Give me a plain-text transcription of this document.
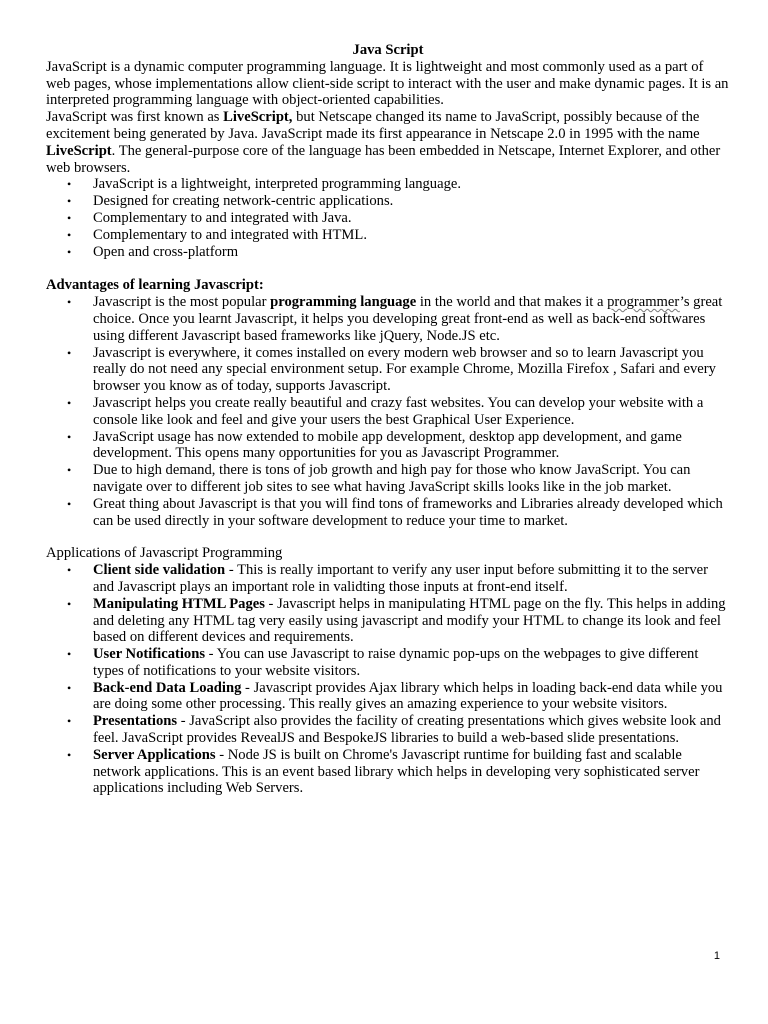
Java Script

JavaScript is a dynamic computer programming language. It is lightweight and most commonly used as a part of web pages, whose implementations allow client-side script to interact with the user and make dynamic pages. It is an interpreted programming language with object-oriented capabilities.

JavaScript was first known as LiveScript, but Netscape changed its name to JavaScript, possibly because of the excitement being generated by Java. JavaScript made its first appearance in Netscape 2.0 in 1995 with the name LiveScript. The general-purpose core of the language has been embedded in Netscape, Internet Explorer, and other web browsers.

• JavaScript is a lightweight, interpreted programming language.
• Designed for creating network-centric applications.
• Complementary to and integrated with Java.
• Complementary to and integrated with HTML.
• Open and cross-platform

Advantages of learning Javascript:

• Javascript is the most popular programming language in the world and that makes it a programmer’s great choice. Once you learnt Javascript, it helps you developing great front-end as well as back-end softwares using different Javascript based frameworks like jQuery, Node.JS etc.
• Javascript is everywhere, it comes installed on every modern web browser and so to learn Javascript you really do not need any special environment setup. For example Chrome, Mozilla Firefox , Safari and every browser you know as of today, supports Javascript.
• Javascript helps you create really beautiful and crazy fast websites. You can develop your website with a console like look and feel and give your users the best Graphical User Experience.
• JavaScript usage has now extended to mobile app development, desktop app development, and game development. This opens many opportunities for you as Javascript Programmer.
• Due to high demand, there is tons of job growth and high pay for those who know JavaScript. You can navigate over to different job sites to see what having JavaScript skills looks like in the job market.
• Great thing about Javascript is that you will find tons of frameworks and Libraries already developed which can be used directly in your software development to reduce your time to market.

Applications of Javascript Programming

• Client side validation - This is really important to verify any user input before submitting it to the server and Javascript plays an important role in validting those inputs at front-end itself.
• Manipulating HTML Pages - Javascript helps in manipulating HTML page on the fly. This helps in adding and deleting any HTML tag very easily using javascript and modify your HTML to change its look and feel based on different devices and requirements.
• User Notifications - You can use Javascript to raise dynamic pop-ups on the webpages to give different types of notifications to your website visitors.
• Back-end Data Loading - Javascript provides Ajax library which helps in loading back-end data while you are doing some other processing. This really gives an amazing experience to your website visitors.
• Presentations - JavaScript also provides the facility of creating presentations which gives website look and feel. JavaScript provides RevealJS and BespokeJS libraries to build a web-based slide presentations.
• Server Applications - Node JS is built on Chrome's Javascript runtime for building fast and scalable network applications. This is an event based library which helps in developing very sophisticated server applications including Web Servers.
1
